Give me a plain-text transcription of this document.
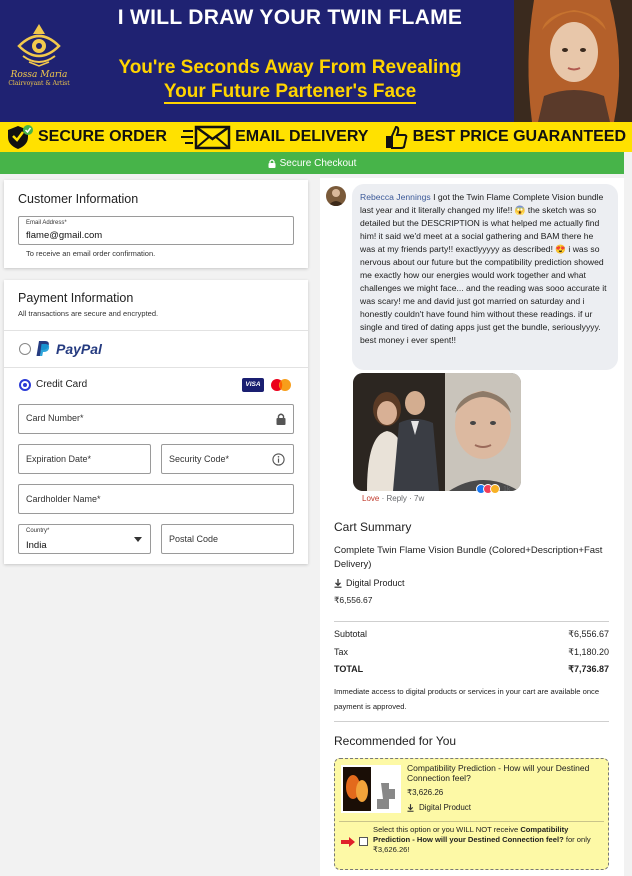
Rossa Maria
Clairvoyant & Artist
I WILL DRAW YOUR TWIN FLAME
You're Seconds Away From Revealing
Your Future Partener's Face
SECURE ORDER	EMAIL DELIVERY	BEST PRICE GUARANTEED
Secure Checkout
Customer Information
Email Address*
flame@gmail.com
To receive an email order confirmation.
Payment Information
All transactions are secure and encrypted.
PayPal
Credit Card	VISA
Card Number*
Expiration Date*	Security Code*
Cardholder Name*
Country*
India
Postal Code
Rebecca Jennings I got the Twin Flame Complete Vision bundle last year and it literally changed my life!! 😱 the sketch was so detailed but the DESCRIPTION is what helped me actually find him! it said we'd meet at a social gathering and BAM there he was at my friends party!! exactlyyyyy as described! 😍 i was so nervous about our future but the compatibility prediction showed me exactly how our energies would work together and what challenges we might face... and the reading was sooo accurate it was scary! me and david just got married on saturday and i honestly couldn't have found him without these readings. if ur single and tired of dating apps just get the bundle, seriouslyyyy. best money i ever spent!!
Love · Reply · 7w
1k
Cart Summary
Complete Twin Flame Vision Bundle (Colored+Description+Fast Delivery)
Digital Product
₹6,556.67
Subtotal	₹6,556.67
Tax	₹1,180.20
TOTAL	₹7,736.87
Immediate access to digital products or services in your cart are available once payment is approved.
Recommended for You
Twin Flame Compatibility Prediction
Compatibility Prediction - How will your Destined Connection feel?
₹3,626.26
Digital Product
Select this option or you WILL NOT receive Compatibility Prediction - How will your Destined Connection feel? for only ₹3,626.26!
